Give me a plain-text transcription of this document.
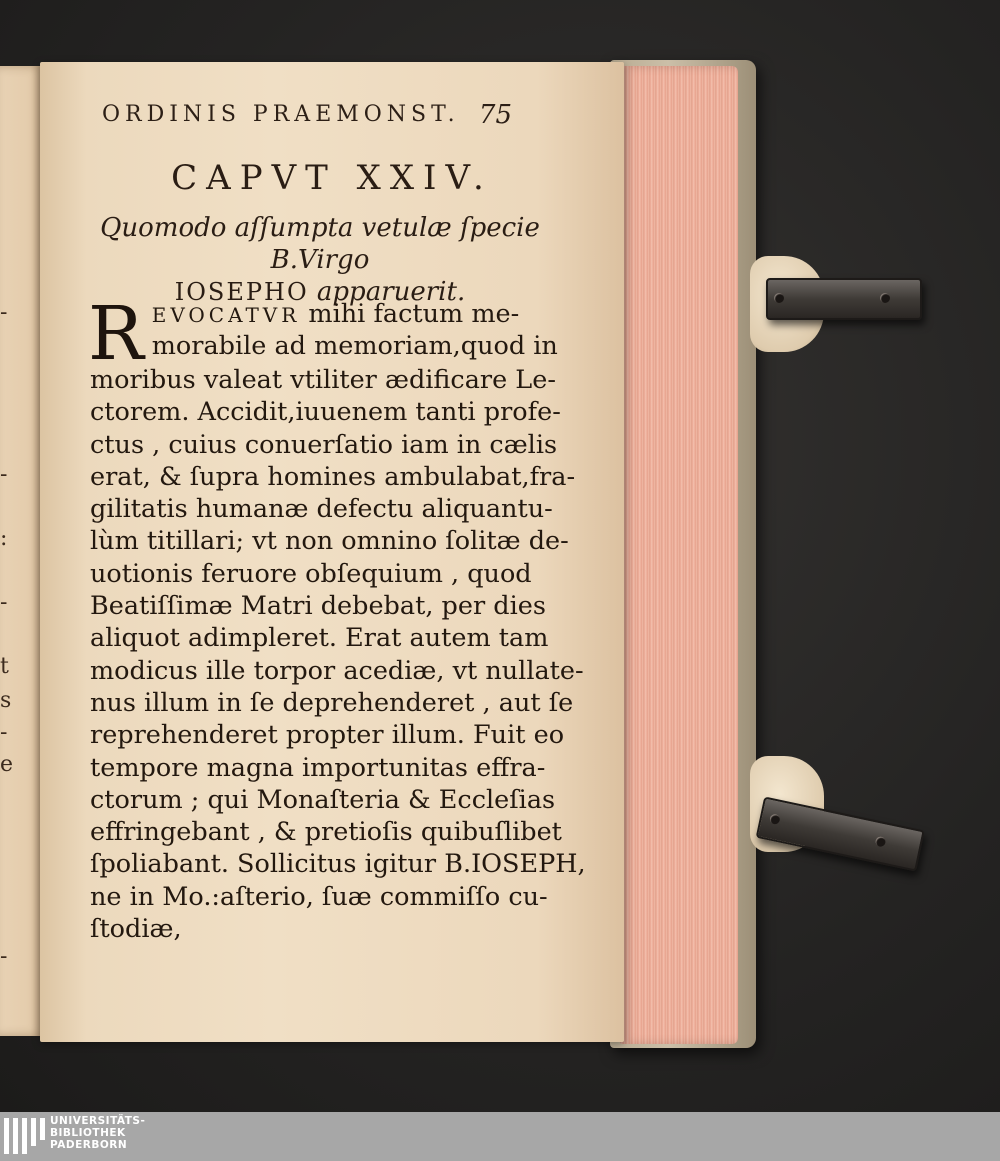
-
-
:
-
t
s
-
e
-
ORDINIS PRAEMONST. 75
CAPVT XXIV.
Quomodo aſſumpta vetulæ ſpecie B.Virgo
IOSEPHO apparuerit.
R EVOCATVR mihi factum me-
morabile ad memoriam,quod in
moribus valeat vtiliter ædificare Le-
ctorem. Accidit,iuuenem tanti profe-
ctus , cuius conuerſatio iam in cælis
erat, & ſupra homines ambulabat,fra-
gilitatis humanæ defectu aliquantu-
lùm titillari; vt non omnino ſolitæ de-
uotionis feruore obſequium , quod
Beatiſſimæ Matri debebat, per dies
aliquot adimpleret. Erat autem tam
modicus ille torpor acediæ, vt nullate-
nus illum in ſe deprehenderet , aut ſe
reprehenderet propter illum. Fuit eo
tempore magna importunitas effra-
ctorum ; qui Monaſteria & Eccleſias
effringebant , & pretioſis quibuſlibet
ſpoliabant. Sollicitus igitur B.IOSEPH,
ne in Mo.:aſterio, ſuæ commiſſo cu-
ſtodiæ,
UNIVERSITÄTS-
BIBLIOTHEK
PADERBORN
